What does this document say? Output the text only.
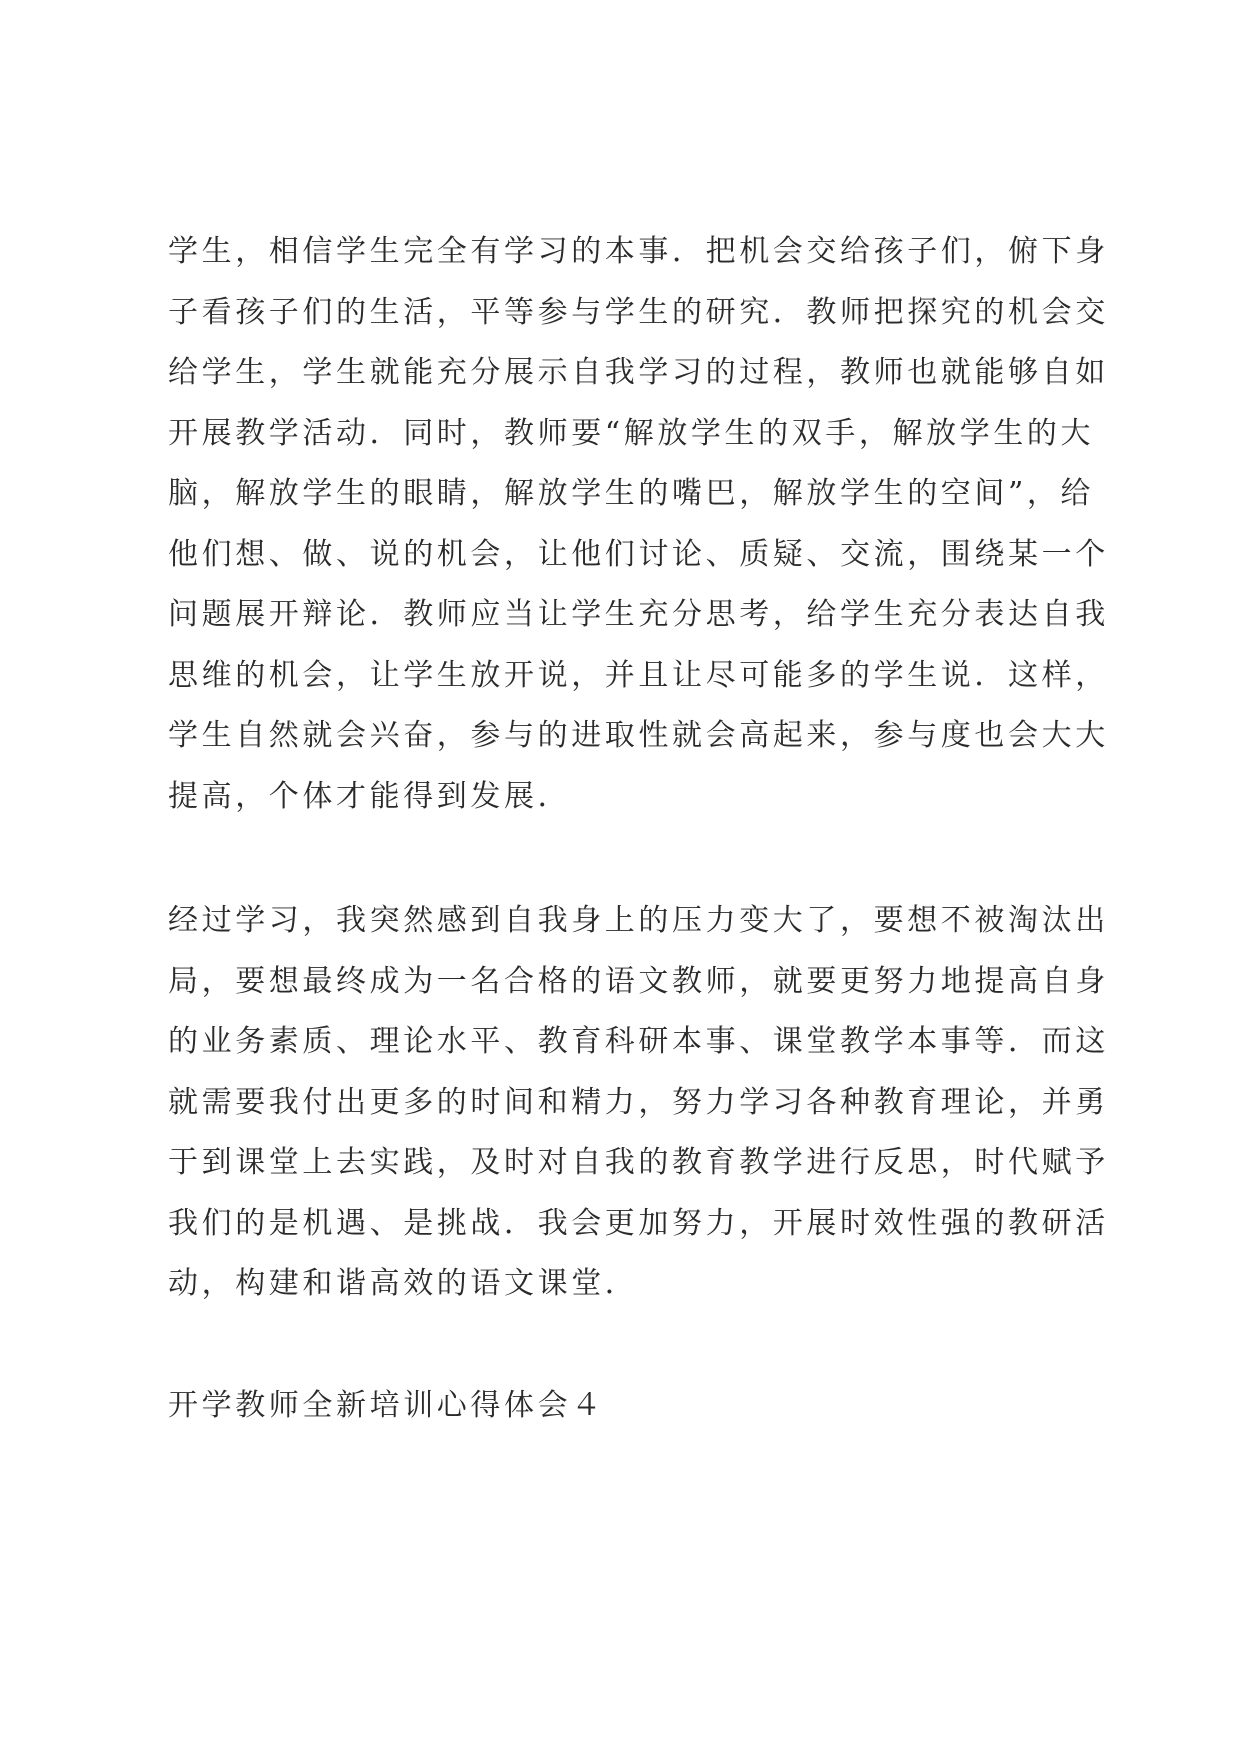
学生，相信学生完全有学习的本事．把机会交给孩子们，俯下身
子看孩子们的生活，平等参与学生的研究．教师把探究的机会交
给学生，学生就能充分展示自我学习的过程，教师也就能够自如
开展教学活动．同时，教师要“解放学生的双手，解放学生的大
脑，解放学生的眼睛，解放学生的嘴巴，解放学生的空间”，给
他们想、做、说的机会，让他们讨论、质疑、交流，围绕某一个
问题展开辩论．教师应当让学生充分思考，给学生充分表达自我
思维的机会，让学生放开说，并且让尽可能多的学生说．这样，
学生自然就会兴奋，参与的进取性就会高起来，参与度也会大大
提高，个体才能得到发展．
经过学习，我突然感到自我身上的压力变大了，要想不被淘汰出
局，要想最终成为一名合格的语文教师，就要更努力地提高自身
的业务素质、理论水平、教育科研本事、课堂教学本事等．而这
就需要我付出更多的时间和精力，努力学习各种教育理论，并勇
于到课堂上去实践，及时对自我的教育教学进行反思，时代赋予
我们的是机遇、是挑战．我会更加努力，开展时效性强的教研活
动，构建和谐高效的语文课堂．
开学教师全新培训心得体会４
